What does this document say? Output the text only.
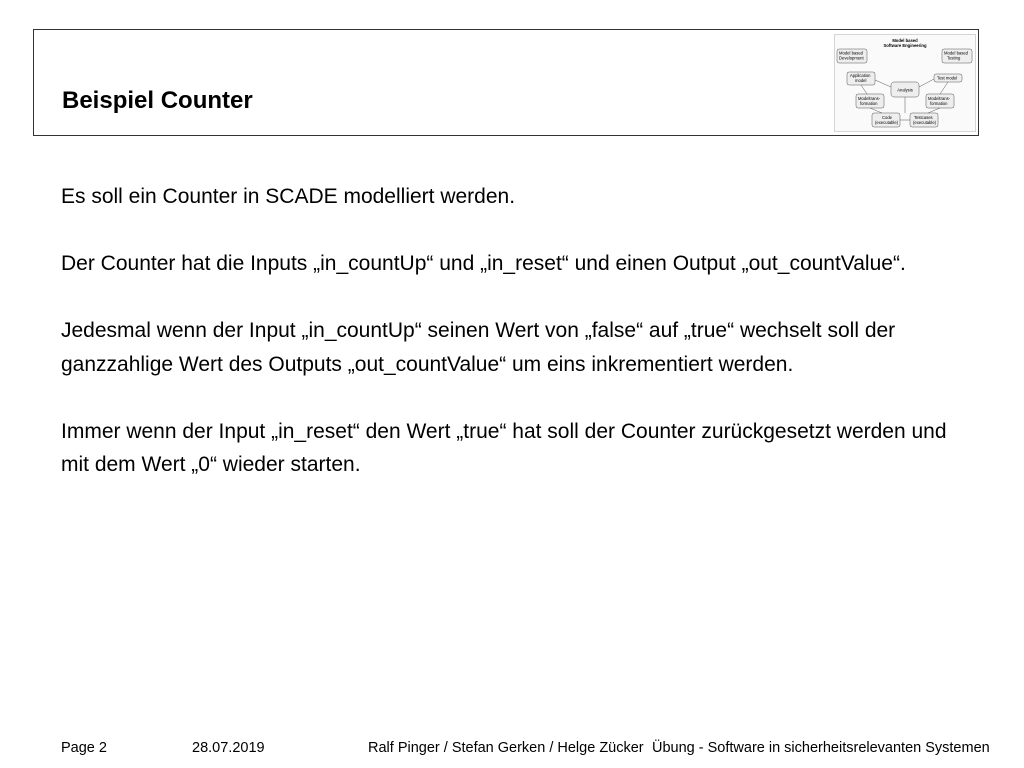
Beispiel Counter
Model based
Software Engineering
Model based
Development
Model based
Testing
Application
model	Test model
Analysis
Modeltrans-
formation
Modeltrans-
formation
Code
(executable)
Testcases
(executable)

Es soll ein Counter in SCADE modelliert werden.

Der Counter hat die Inputs „in_countUp“ und „in_reset“ und einen Output „out_countValue“.

Jedesmal wenn der Input „in_countUp“ seinen Wert von „false“ auf „true“ wechselt soll der ganzzahlige Wert des Outputs „out_countValue“ um eins inkrementiert werden.

Immer wenn der Input „in_reset“ den Wert „true“ hat soll der Counter zurückgesetzt werden und mit dem Wert „0“ wieder starten.

Page 2	28.07.2019	Ralf Pinger / Stefan Gerken / Helge Zücker Übung - Software in sicherheitsrelevanten Systemen
